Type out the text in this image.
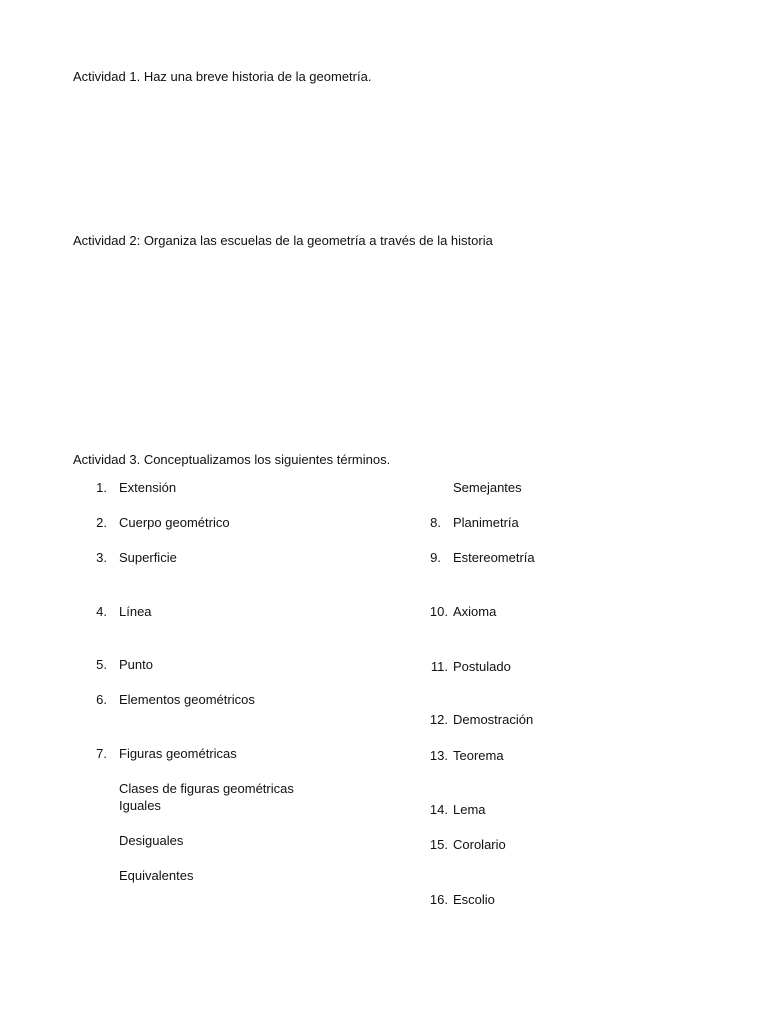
Actividad 1. Haz una breve historia de la geometría.
Actividad 2: Organiza las escuelas de la geometría a través de la historia
Actividad 3. Conceptualizamos los siguientes términos.
1. Extensión
2. Cuerpo geométrico
3. Superficie
4. Línea
5. Punto
6. Elementos geométricos
7. Figuras geométricas
Clases de figuras geométricas
Iguales
Desiguales
Equivalentes
Semejantes
8. Planimetría
9. Estereometría
10. Axioma
11. Postulado
12. Demostración
13. Teorema
14. Lema
15. Corolario
16. Escolio
